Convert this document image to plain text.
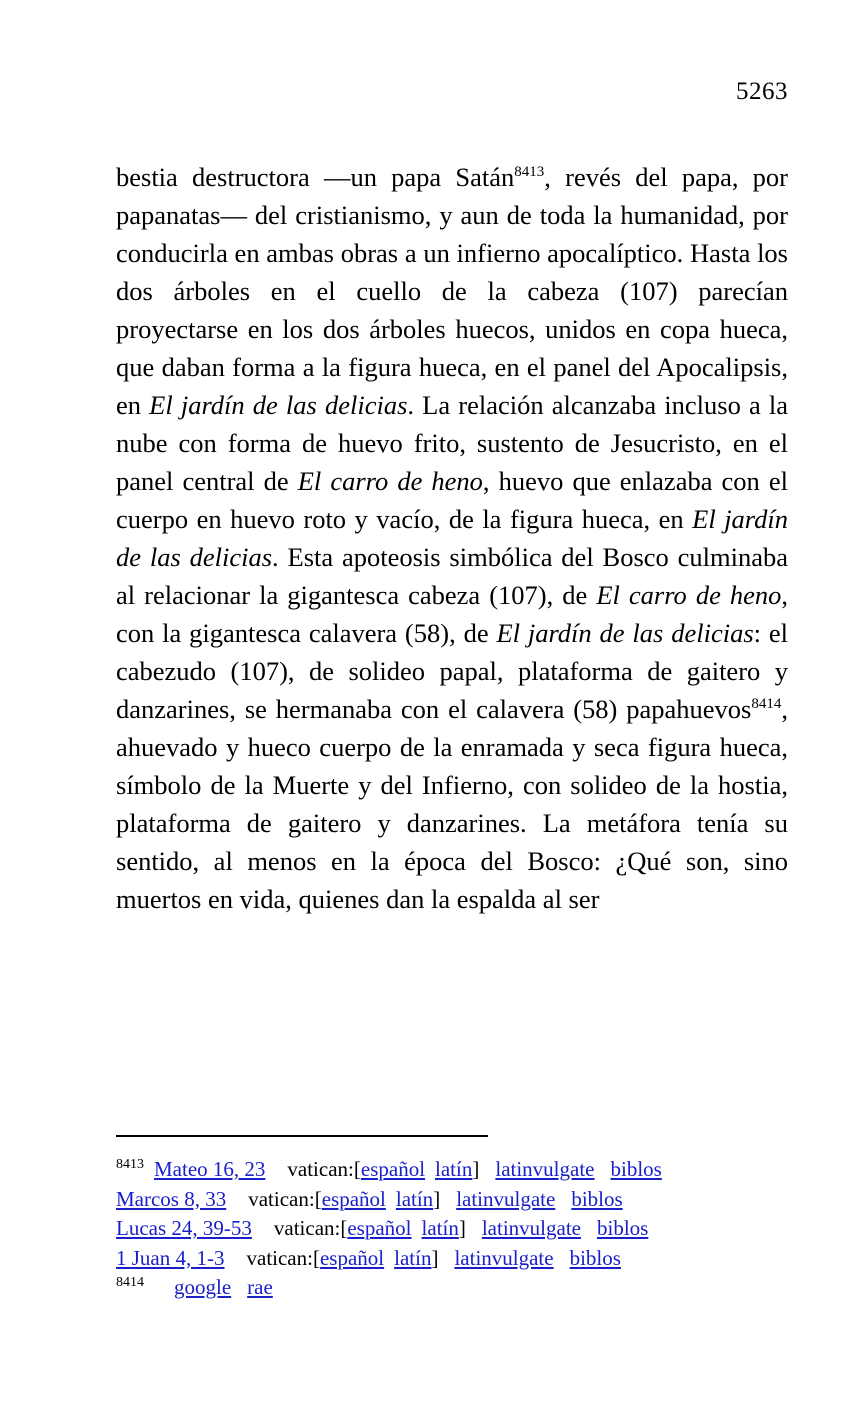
5263
bestia destructora —un papa Satán$^{8413}$, revés del papa, por papanatas— del cristianismo, y aun de toda la humanidad, por conducirla en ambas obras a un infierno apocalíptico. Hasta los dos árboles en el cuello de la cabeza (107) parecían proyectarse en los dos árboles huecos, unidos en copa hueca, que daban forma a la figura hueca, en el panel del Apocalipsis, en El jardín de las delicias. La relación alcanzaba incluso a la nube con forma de huevo frito, sustento de Jesucristo, en el panel central de El carro de heno, huevo que enlazaba con el cuerpo en huevo roto y vacío, de la figura hueca, en El jardín de las delicias. Esta apoteosis simbólica del Bosco culminaba al relacionar la gigantesca cabeza (107), de El carro de heno, con la gigantesca calavera (58), de El jardín de las delicias: el cabezudo (107), de solideo papal, plataforma de gaitero y danzarines, se hermanaba con el calavera (58) papahuevos$^{8414}$, ahuevado y hueco cuerpo de la enramada y seca figura hueca, símbolo de la Muerte y del Infierno, con solideo de la hostia, plataforma de gaitero y danzarines. La metáfora tenía su sentido, al menos en la época del Bosco: ¿Qué son, sino muertos en vida, quienes dan la espalda al ser
$^{8413}$ Mateo 16, 23 vatican:[español latín] latinvulgate biblos
Marcos 8, 33 vatican:[español latín] latinvulgate biblos
Lucas 24, 39-53 vatican:[español latín] latinvulgate biblos
1 Juan 4, 1-3 vatican:[español latín] latinvulgate biblos
$^{8414}$ google rae
